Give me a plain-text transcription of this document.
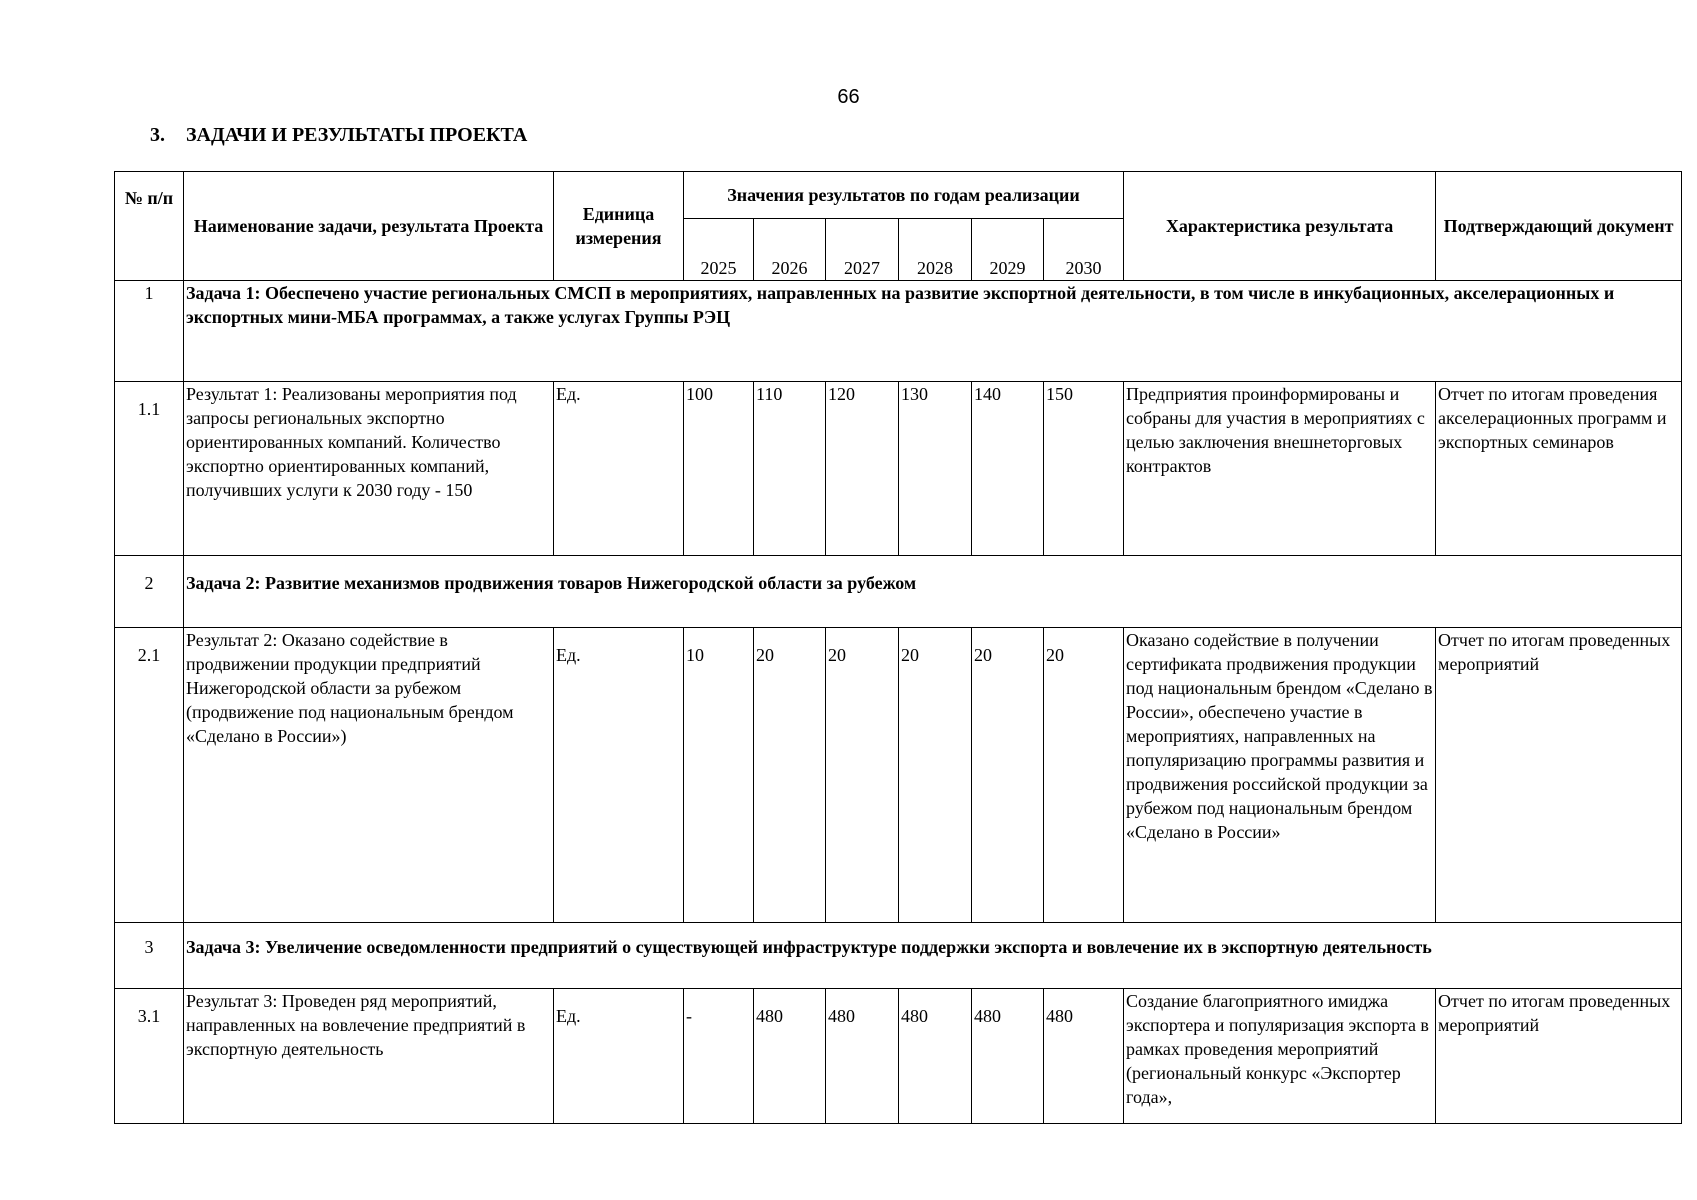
66
3. ЗАДАЧИ И РЕЗУЛЬТАТЫ ПРОЕКТА
№ п/п	Наименование задачи, результата Проекта	Единица измерения	Значения результатов по годам реализации						Характеристика результата	Подтверждающий документ
			2025	2026	2027	2028	2029	2030		
1	Задача 1: Обеспечено участие региональных СМСП в мероприятиях, направленных на развитие экспортной деятельности, в том числе в инкубационных, акселерационных и экспортных мини-МБА программах, а также услугах Группы РЭЦ									
1.1	Результат 1: Реализованы мероприятия под запросы региональных экспортно ориентированных компаний. Количество экспортно ориентированных компаний, получивших услуги к 2030 году - 150	Ед.	100	110	120	130	140	150	Предприятия проинформированы и собраны для участия в мероприятиях с целью заключения внешнеторговых контрактов	Отчет по итогам проведения акселерационных программ и экспортных семинаров
2	Задача 2: Развитие механизмов продвижения товаров Нижегородской области за рубежом									
2.1	Результат 2: Оказано содействие в продвижении продукции предприятий Нижегородской области за рубежом (продвижение под национальным брендом «Сделано в России»)	Ед.	10	20	20	20	20	20	Оказано содействие в получении сертификата продвижения продукции под национальным брендом «Сделано в России», обеспечено участие в мероприятиях, направленных на популяризацию программы развития и продвижения российской продукции за рубежом под национальным брендом «Сделано в России»	Отчет по итогам проведенных мероприятий
3	Задача 3: Увеличение осведомленности предприятий о существующей инфраструктуре поддержки экспорта и вовлечение их в экспортную деятельность									
3.1	Результат 3: Проведен ряд мероприятий, направленных на вовлечение предприятий в экспортную деятельность	Ед.	-	480	480	480	480	480	Создание благоприятного имиджа экспортера и популяризация экспорта в рамках проведения мероприятий (региональный конкурс «Экспортер года»,	Отчет по итогам проведенных мероприятий
